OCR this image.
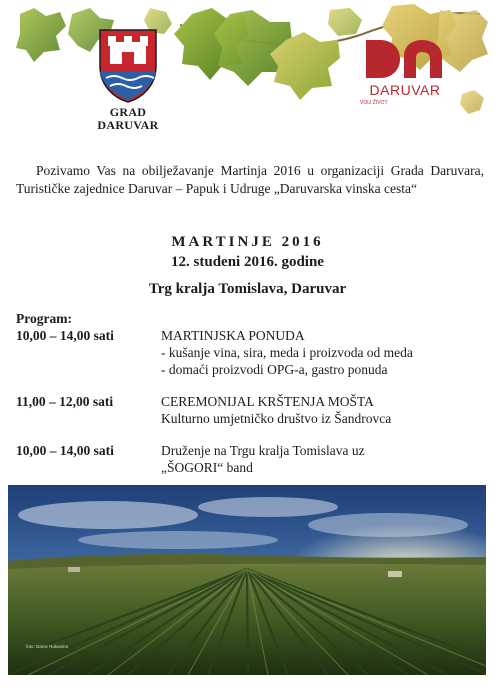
GRAD
DARUVAR
DARUVAR
VOLI ŽIVOT
Pozivamo Vas na obilježavanje Martinja 2016 u organizaciji Grada Daruvara, Turističke zajednice Daruvar – Papuk i Udruge „Daruvarska vinska cesta“
MARTINJE 2016
12. studeni 2016. godine
Trg kralja Tomislava, Daruvar
Program:
10,00 – 14,00 sati	MARTINJSKA PONUDA
- kušanje vina, sira, meda i proizvoda od meda
- domaći proizvodi OPG-a, gastro ponuda
11,00 – 12,00 sati	CEREMONIJAL KRŠTENJA MOŠTA
Kulturno umjetničko društvo iz Šandrovca
10,00 – 14,00 sati	Druženje na Trgu kralja Tomislava uz
„ŠOGORI“ band
foto: Damir Rukavina
